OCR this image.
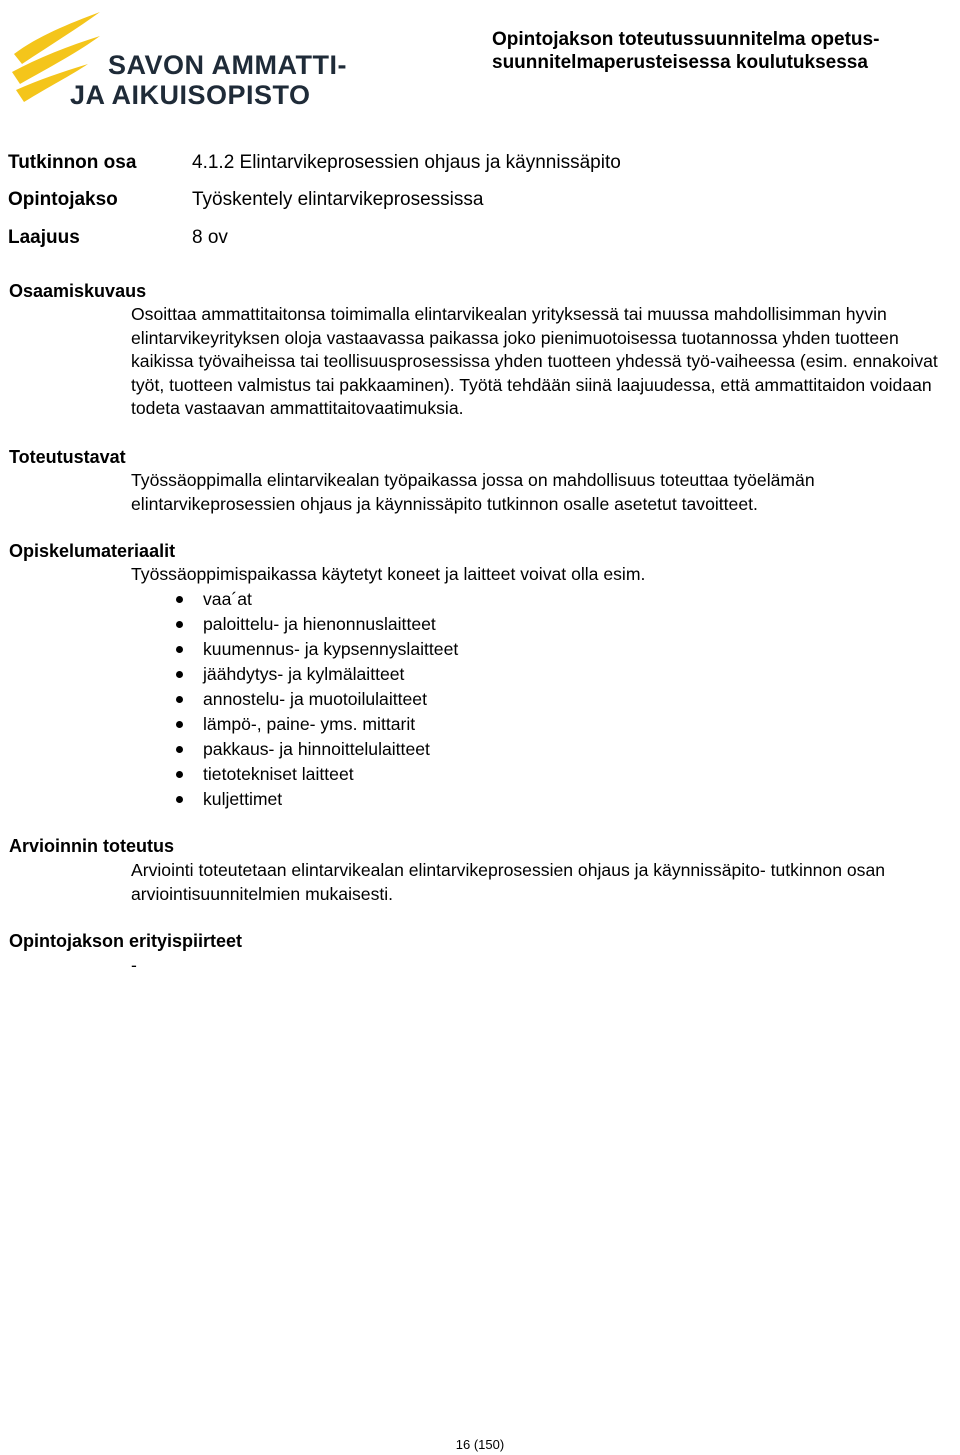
SAVON AMMATTI-
JA AIKUISOPISTO
Opintojakson toteutussuunnitelma opetus-suunnitelmaperusteisessa koulutuksessa
Tutkinnon osa	4.1.2 Elintarvikeprosessien ohjaus ja käynnissäpito
Opintojakso	Työskentely elintarvikeprosessissa
Laajuus	8 ov
Osaamiskuvaus

Osoittaa ammattitaitonsa toimimalla elintarvikealan yrityksessä tai muussa mahdollisimman hyvin elintarvikeyrityksen oloja vastaavassa paikassa joko pienimuotoisessa tuotannossa yhden tuotteen kaikissa työvaiheissa tai teollisuusprosessissa yhden tuotteen yhdessä työ-vaiheessa (esim. ennakoivat työt, tuotteen valmistus tai pakkaaminen). Työtä tehdään siinä laajuudessa, että ammattitaidon voidaan todeta vastaavan ammattitaitovaatimuksia.

Toteutustavat

Työssäoppimalla elintarvikealan työpaikassa jossa on mahdollisuus toteuttaa työelämän elintarvikeprosessien ohjaus ja käynnissäpito tutkinnon osalle asetetut tavoitteet.

Opiskelumateriaalit

Työssäoppimispaikassa käytetyt koneet ja laitteet voivat olla esim.

vaa´at
paloittelu- ja hienonnuslaitteet
kuumennus- ja kypsennyslaitteet
jäähdytys- ja kylmälaitteet
annostelu- ja muotoilulaitteet
lämpö-, paine- yms. mittarit
pakkaus- ja hinnoittelulaitteet
tietotekniset laitteet
kuljettimet
Arvioinnin toteutus

Arviointi toteutetaan elintarvikealan elintarvikeprosessien ohjaus ja käynnissäpito- tutkinnon osan arviointisuunnitelmien mukaisesti.

Opintojakson erityispiirteet

-

16 (150)
